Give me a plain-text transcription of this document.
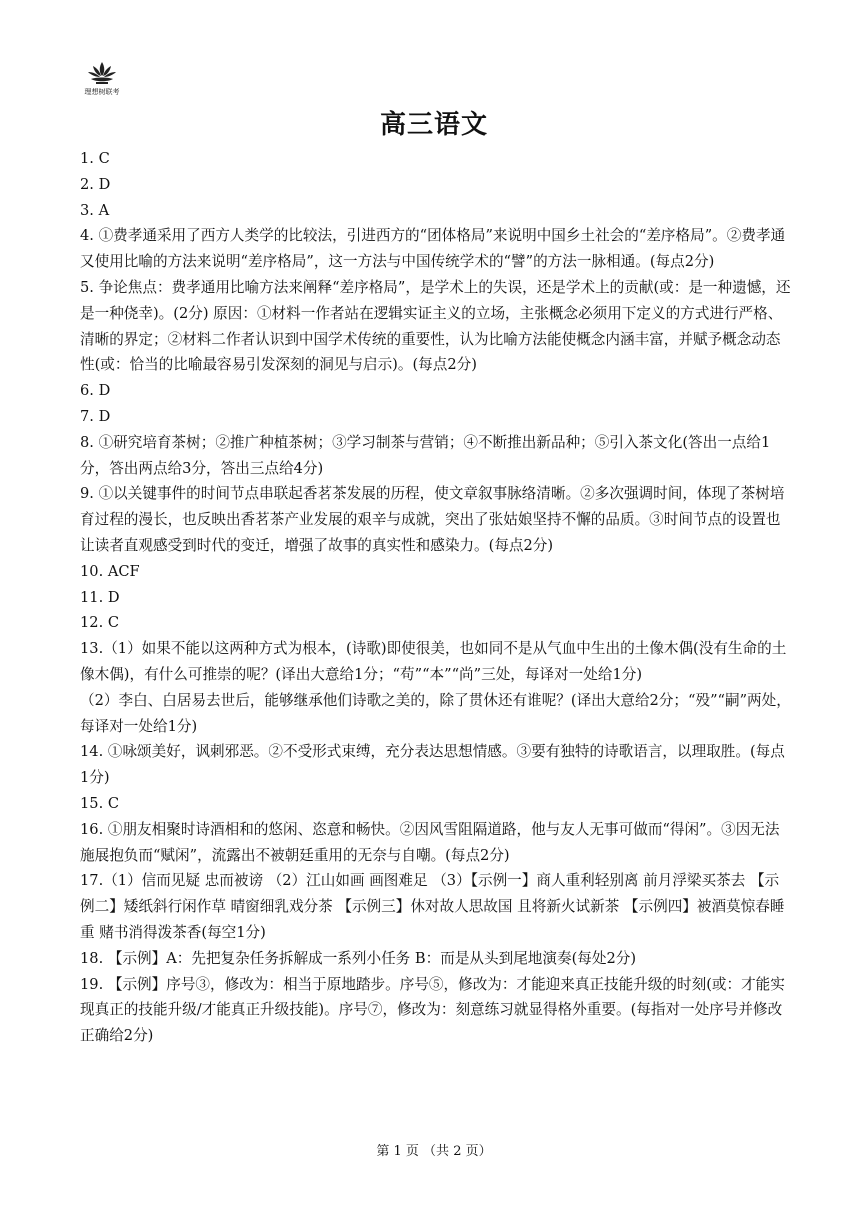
理想树联考
高三语文

1. C

2. D

3. A

4. ①费孝通采用了西方人类学的比较法，引进西方的“团体格局”来说明中国乡土社会的“差序格局”。②费孝通又使用比喻的方法来说明“差序格局”，这一方法与中国传统学术的“譬”的方法一脉相通。(每点2分)

5. 争论焦点：费孝通用比喻方法来阐释“差序格局”，是学术上的失误，还是学术上的贡献(或：是一种遗憾，还是一种侥幸)。(2分) 原因：①材料一作者站在逻辑实证主义的立场，主张概念必须用下定义的方式进行严格、清晰的界定；②材料二作者认识到中国学术传统的重要性，认为比喻方法能使概念内涵丰富，并赋予概念动态性(或：恰当的比喻最容易引发深刻的洞见与启示)。(每点2分)

6. D

7. D

8. ①研究培育茶树；②推广种植茶树；③学习制茶与营销；④不断推出新品种；⑤引入茶文化(答出一点给1分，答出两点给3分，答出三点给4分)

9. ①以关键事件的时间节点串联起香茗茶发展的历程，使文章叙事脉络清晰。②多次强调时间，体现了茶树培育过程的漫长，也反映出香茗茶产业发展的艰辛与成就，突出了张姑娘坚持不懈的品质。③时间节点的设置也让读者直观感受到时代的变迁，增强了故事的真实性和感染力。(每点2分)

10. ACF

11. D

12. C

13.（1）如果不能以这两种方式为根本，(诗歌)即使很美，也如同不是从气血中生出的土像木偶(没有生命的土像木偶)，有什么可推崇的呢？(译出大意给1分；“苟”“本”“尚”三处，每译对一处给1分)

（2）李白、白居易去世后，能够继承他们诗歌之美的，除了贯休还有谁呢？(译出大意给2分；“殁”“嗣”两处，每译对一处给1分)

14. ①咏颂美好，讽刺邪恶。②不受形式束缚，充分表达思想情感。③要有独特的诗歌语言，以理取胜。(每点1分)

15. C

16. ①朋友相聚时诗酒相和的悠闲、恣意和畅快。②因风雪阻隔道路，他与友人无事可做而“得闲”。③因无法施展抱负而“赋闲”，流露出不被朝廷重用的无奈与自嘲。(每点2分)

17.（1）信而见疑 忠而被谤 （2）江山如画 画图难足 （3）【示例一】商人重利轻别离 前月浮梁买茶去 【示例二】矮纸斜行闲作草 晴窗细乳戏分茶 【示例三】休对故人思故国 且将新火试新茶 【示例四】被酒莫惊春睡重 赌书消得泼茶香(每空1分)

18. 【示例】A：先把复杂任务拆解成一系列小任务 B：而是从头到尾地演奏(每处2分)

19. 【示例】序号③，修改为：相当于原地踏步。序号⑤，修改为：才能迎来真正技能升级的时刻(或：才能实现真正的技能升级/才能真正升级技能)。序号⑦，修改为：刻意练习就显得格外重要。(每指对一处序号并修改正确给2分)

第 1 页 （共 2 页）
